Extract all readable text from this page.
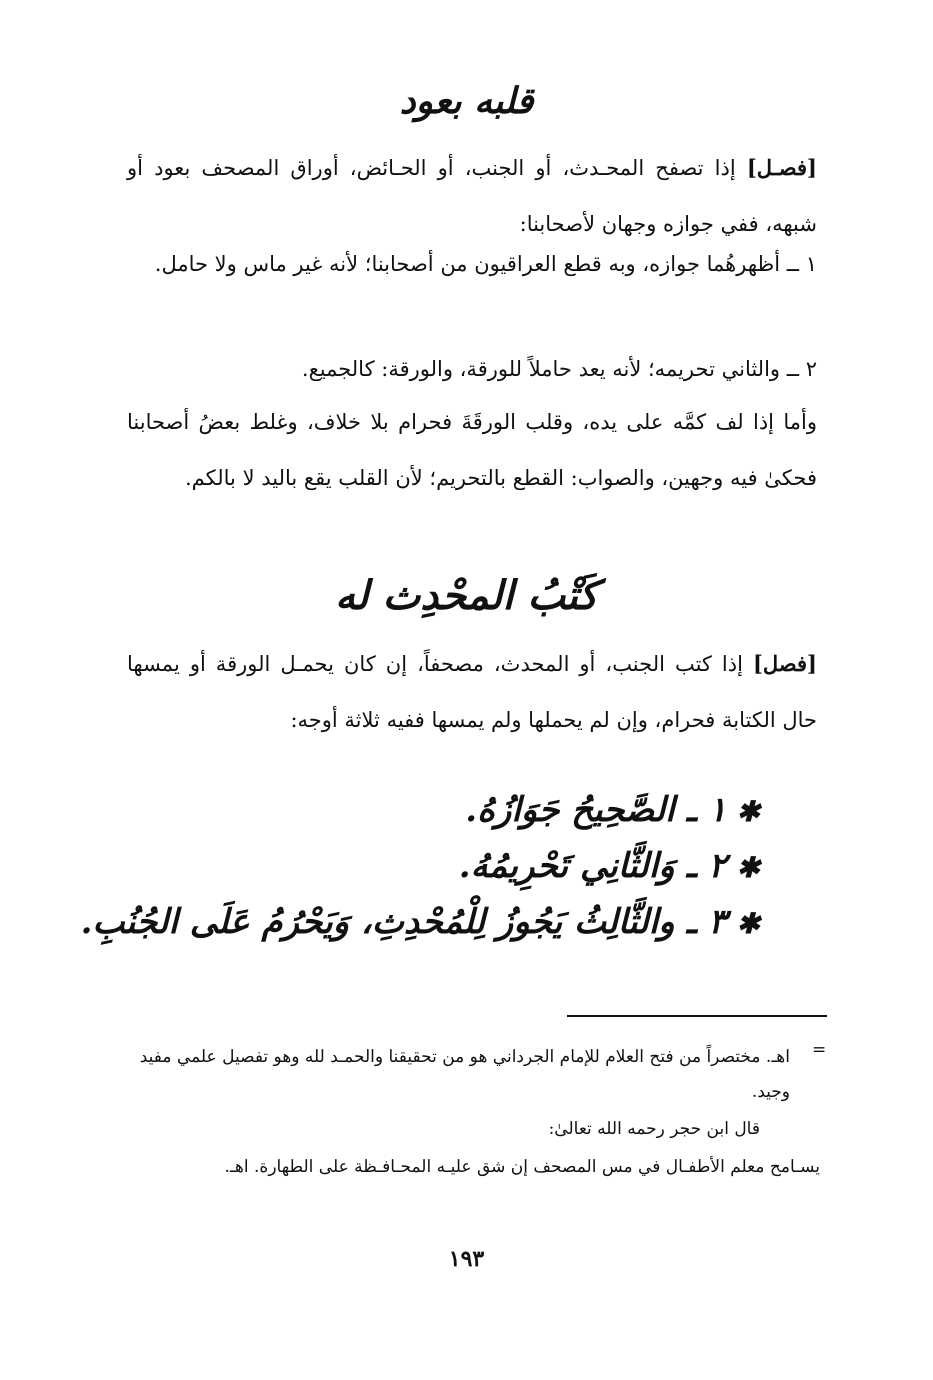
قلبه بعود

[فصـل] إذا تصفح المحـدث، أو الجنب، أو الحـائض، أوراق المصحف بعود أو شبهه، ففي جوازه وجهان لأصحابنا:

١ ــ أظهرهُما جوازه، وبه قطع العراقيون من أصحابنا؛ لأنه غير ماس ولا حامل.

٢ ــ والثاني تحريمه؛ لأنه يعد حاملاً للورقة، والورقة: كالجميع.

وأما إذا لف كمَّه على يده، وقلب الورقَةَ فحرام بلا خلاف، وغلط بعضُ أصحابنا فحكىٰ فيه وجهين، والصواب: القطع بالتحريم؛ لأن القلب يقع باليد لا بالكم.

كَتْبُ المحْدِث له

[فصل] إذا كتب الجنب، أو المحدث، مصحفاً، إن كان يحمـل الورقة أو يمسها حال الكتابة فحرام، وإن لم يحملها ولم يمسها ففيه ثلاثة أوجه:

✱١ ـ الصَّحِيحُ جَوَازُهُ.
✱٢ ـ وَالثَّانِي تَحْرِيمُهُ.
✱٣ ـ والثَّالِثُ يَجُوزُ لِلْمُحْدِثِ، وَيَحْرُمُ عَلَى الجُنُبِ.
=

اهـ. مختصراً من فتح العلام للإمام الجرداني هو من تحقيقنا والحمـد لله وهو تفصيل علمي مفيد وجيد.

قال ابن حجر رحمه الله تعالىٰ:

يسـامح معلم الأطفـال في مس المصحف إن شق عليـه المحـافـظة على الطهارة. اهـ.

١٩٣
